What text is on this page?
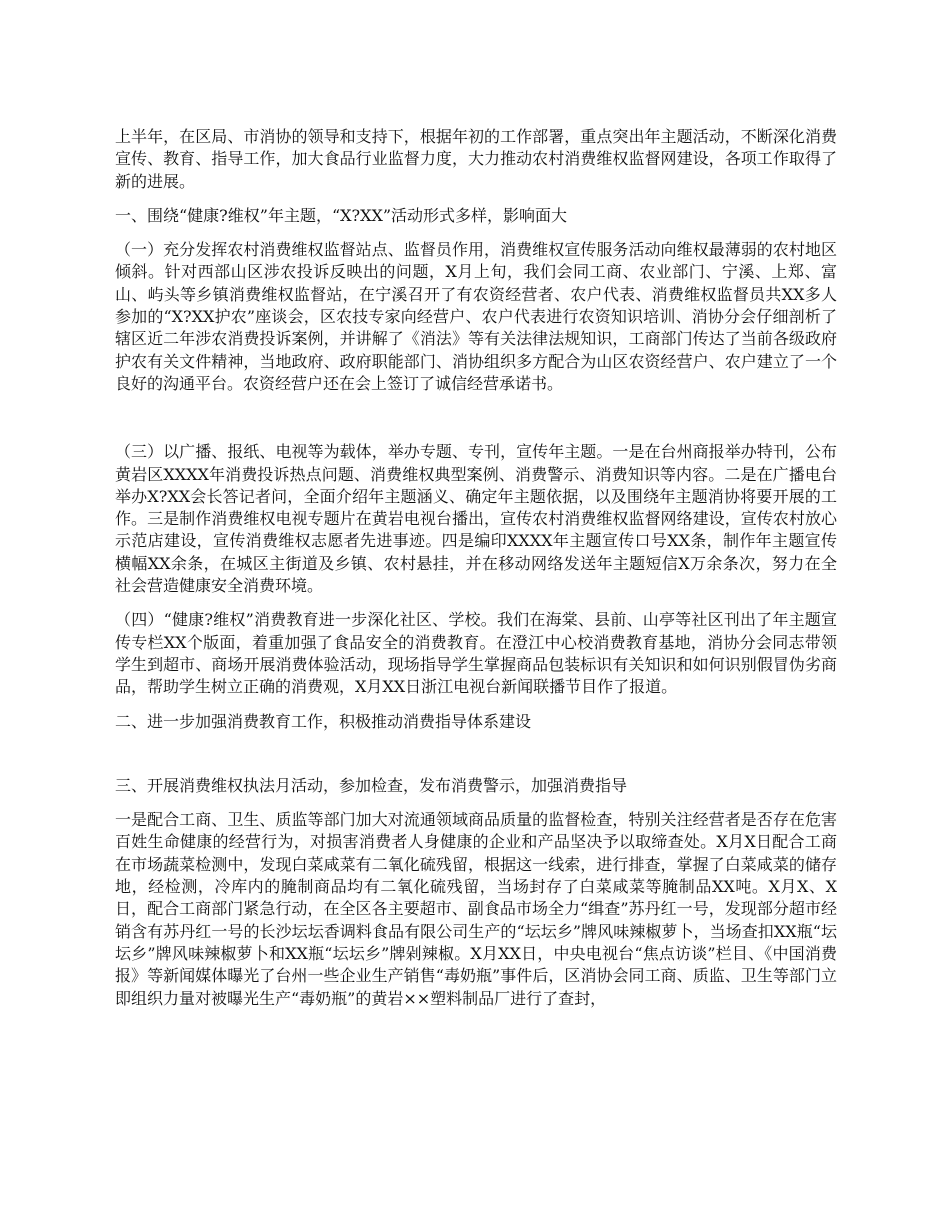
上半年，在区局、市消协的领导和支持下，根据年初的工作部署，重点突出年主题活动，不断深化消费宣传、教育、指导工作，加大食品行业监督力度，大力推动农村消费维权监督网建设，各项工作取得了新的进展。

一、围绕“健康?维权”年主题，“X?XX”活动形式多样，影响面大

（一）充分发挥农村消费维权监督站点、监督员作用，消费维权宣传服务活动向维权最薄弱的农村地区倾斜。针对西部山区涉农投诉反映出的问题，X月上旬，我们会同工商、农业部门、宁溪、上郑、富山、屿头等乡镇消费维权监督站，在宁溪召开了有农资经营者、农户代表、消费维权监督员共XX多人参加的“X?XX护农”座谈会，区农技专家向经营户、农户代表进行农资知识培训、消协分会仔细剖析了辖区近二年涉农消费投诉案例，并讲解了《消法》等有关法律法规知识，工商部门传达了当前各级政府护农有关文件精神，当地政府、政府职能部门、消协组织多方配合为山区农资经营户、农户建立了一个良好的沟通平台。农资经营户还在会上签订了诚信经营承诺书。

（三）以广播、报纸、电视等为载体，举办专题、专刊，宣传年主题。一是在台州商报举办特刊，公布黄岩区XXXX年消费投诉热点问题、消费维权典型案例、消费警示、消费知识等内容。二是在广播电台举办X?XX会长答记者问，全面介绍年主题涵义、确定年主题依据，以及围绕年主题消协将要开展的工作。三是制作消费维权电视专题片在黄岩电视台播出，宣传农村消费维权监督网络建设，宣传农村放心示范店建设，宣传消费维权志愿者先进事迹。四是编印XXXX年主题宣传口号XX条，制作年主题宣传横幅XX余条，在城区主街道及乡镇、农村悬挂，并在移动网络发送年主题短信X万余条次，努力在全社会营造健康安全消费环境。

（四）“健康?维权”消费教育进一步深化社区、学校。我们在海棠、县前、山亭等社区刊出了年主题宣传专栏XX个版面，着重加强了食品安全的消费教育。在澄江中心校消费教育基地，消协分会同志带领学生到超市、商场开展消费体验活动，现场指导学生掌握商品包装标识有关知识和如何识别假冒伪劣商品，帮助学生树立正确的消费观，X月XX日浙江电视台新闻联播节目作了报道。

二、进一步加强消费教育工作，积极推动消费指导体系建设

三、开展消费维权执法月活动，参加检查，发布消费警示，加强消费指导

一是配合工商、卫生、质监等部门加大对流通领域商品质量的监督检查，特别关注经营者是否存在危害百姓生命健康的经营行为，对损害消费者人身健康的企业和产品坚决予以取缔查处。X月X日配合工商在市场蔬菜检测中，发现白菜咸菜有二氧化硫残留，根据这一线索，进行排查，掌握了白菜咸菜的储存地，经检测，冷库内的腌制商品均有二氧化硫残留，当场封存了白菜咸菜等腌制品XX吨。X月X、X日，配合工商部门紧急行动，在全区各主要超市、副食品市场全力“缉查”苏丹红一号，发现部分超市经销含有苏丹红一号的长沙坛坛香调料食品有限公司生产的“坛坛乡”牌风味辣椒萝卜，当场查扣XX瓶“坛坛乡”牌风味辣椒萝卜和XX瓶“坛坛乡”牌剁辣椒。X月XX日，中央电视台“焦点访谈”栏目、《中国消费报》等新闻媒体曝光了台州一些企业生产销售“毒奶瓶”事件后，区消协会同工商、质监、卫生等部门立即组织力量对被曝光生产“毒奶瓶”的黄岩××塑料制品厂进行了查封，
